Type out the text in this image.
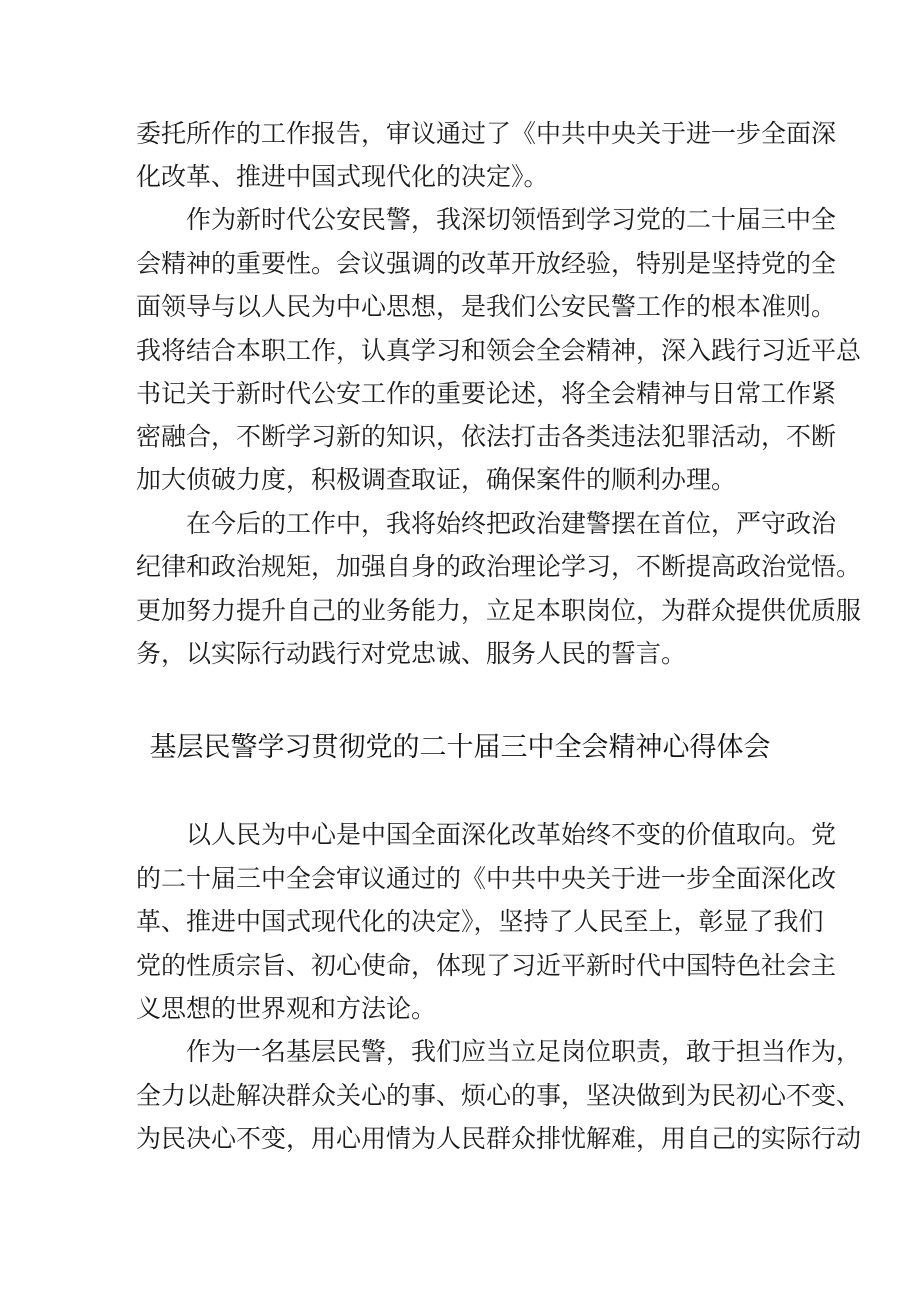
委托所作的工作报告，审议通过了《中共中央关于进一步全面深
化改革、推进中国式现代化的决定》。
作为新时代公安民警，我深切领悟到学习党的二十届三中全
会精神的重要性。会议强调的改革开放经验，特别是坚持党的全
面领导与以人民为中心思想，是我们公安民警工作的根本准则。
我将结合本职工作，认真学习和领会全会精神，深入践行习近平总
书记关于新时代公安工作的重要论述，将全会精神与日常工作紧
密融合，不断学习新的知识，依法打击各类违法犯罪活动，不断
加大侦破力度，积极调查取证，确保案件的顺利办理。
在今后的工作中，我将始终把政治建警摆在首位，严守政治
纪律和政治规矩，加强自身的政治理论学习，不断提高政治觉悟。
更加努力提升自己的业务能力，立足本职岗位，为群众提供优质服
务，以实际行动践行对党忠诚、服务人民的誓言。
基层民警学习贯彻党的二十届三中全会精神心得体会
以人民为中心是中国全面深化改革始终不变的价值取向。党
的二十届三中全会审议通过的《中共中央关于进一步全面深化改
革、推进中国式现代化的决定》，坚持了人民至上，彰显了我们
党的性质宗旨、初心使命，体现了习近平新时代中国特色社会主
义思想的世界观和方法论。
作为一名基层民警，我们应当立足岗位职责，敢于担当作为，
全力以赴解决群众关心的事、烦心的事，坚决做到为民初心不变、
为民决心不变，用心用情为人民群众排忧解难，用自己的实际行动
